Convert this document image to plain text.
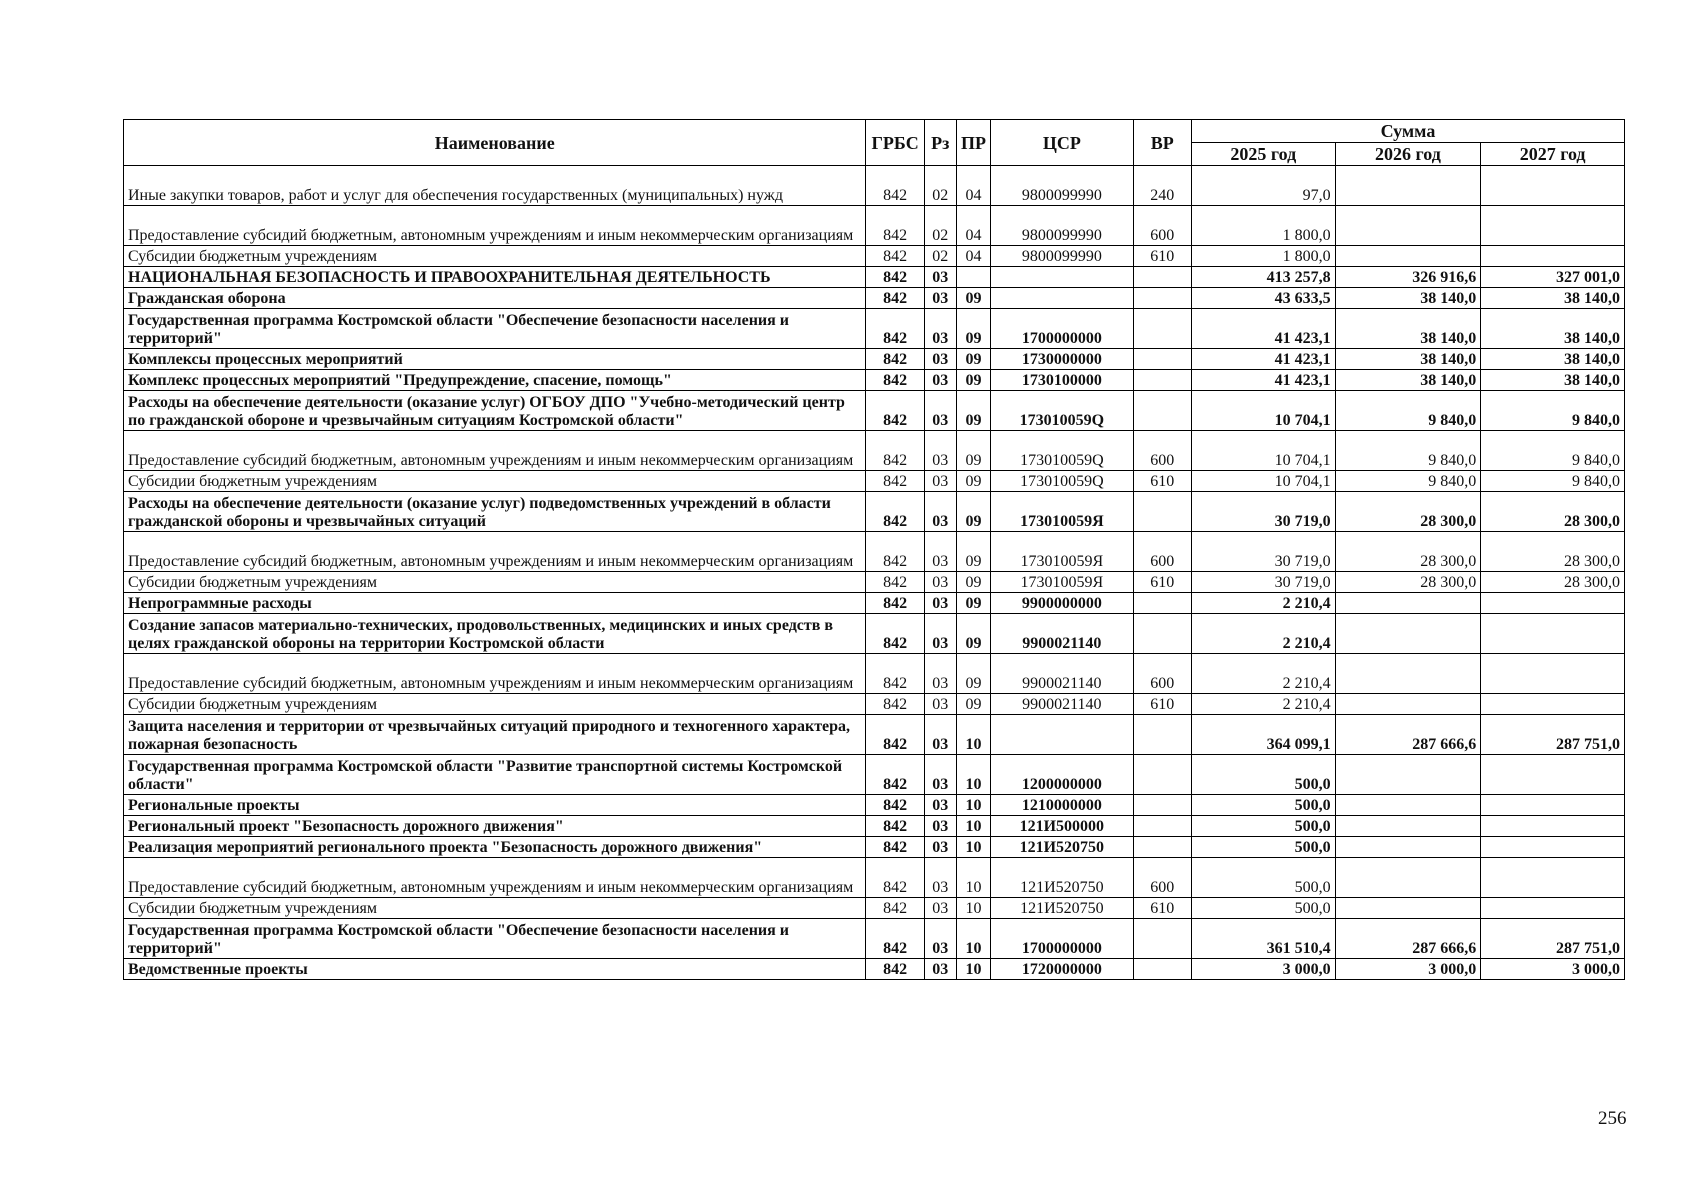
Наименование	ГРБС	Рз	ПР	ЦСР	ВР	Сумма		
						2025 год	2026 год	2027 год
Иные закупки товаров, работ и услуг для обеспечения государственных (муниципальных) нужд	842	02	04	9800099990	240	97,0		
Предоставление субсидий бюджетным, автономным учреждениям и иным некоммерческим организациям	842	02	04	9800099990	600	1 800,0		
Субсидии бюджетным учреждениям	842	02	04	9800099990	610	1 800,0		
НАЦИОНАЛЬНАЯ БЕЗОПАСНОСТЬ И ПРАВООХРАНИТЕЛЬНАЯ ДЕЯТЕЛЬНОСТЬ	842	03				413 257,8	326 916,6	327 001,0
Гражданская оборона	842	03	09			43 633,5	38 140,0	38 140,0
Государственная программа Костромской области "Обеспечение безопасности населения и территорий"	842	03	09	1700000000		41 423,1	38 140,0	38 140,0
Комплексы процессных мероприятий	842	03	09	1730000000		41 423,1	38 140,0	38 140,0
Комплекс процессных мероприятий "Предупреждение, спасение, помощь"	842	03	09	1730100000		41 423,1	38 140,0	38 140,0
Расходы на обеспечение деятельности (оказание услуг) ОГБОУ ДПО "Учебно-методический центр по гражданской обороне и чрезвычайным ситуациям Костромской области"	842	03	09	173010059Q		10 704,1	9 840,0	9 840,0
Предоставление субсидий бюджетным, автономным учреждениям и иным некоммерческим организациям	842	03	09	173010059Q	600	10 704,1	9 840,0	9 840,0
Субсидии бюджетным учреждениям	842	03	09	173010059Q	610	10 704,1	9 840,0	9 840,0
Расходы на обеспечение деятельности (оказание услуг) подведомственных учреждений в области гражданской обороны и чрезвычайных ситуаций	842	03	09	173010059Я		30 719,0	28 300,0	28 300,0
Предоставление субсидий бюджетным, автономным учреждениям и иным некоммерческим организациям	842	03	09	173010059Я	600	30 719,0	28 300,0	28 300,0
Субсидии бюджетным учреждениям	842	03	09	173010059Я	610	30 719,0	28 300,0	28 300,0
Непрограммные расходы	842	03	09	9900000000		2 210,4		
Создание запасов материально-технических, продовольственных, медицинских и иных средств в целях гражданской обороны на территории Костромской области	842	03	09	9900021140		2 210,4		
Предоставление субсидий бюджетным, автономным учреждениям и иным некоммерческим организациям	842	03	09	9900021140	600	2 210,4		
Субсидии бюджетным учреждениям	842	03	09	9900021140	610	2 210,4		
Защита населения и территории от чрезвычайных ситуаций природного и техногенного характера, пожарная безопасность	842	03	10			364 099,1	287 666,6	287 751,0
Государственная программа Костромской области "Развитие транспортной системы Костромской области"	842	03	10	1200000000		500,0		
Региональные проекты	842	03	10	1210000000		500,0		
Региональный проект "Безопасность дорожного движения"	842	03	10	121И500000		500,0		
Реализация мероприятий регионального проекта "Безопасность дорожного движения"	842	03	10	121И520750		500,0		
Предоставление субсидий бюджетным, автономным учреждениям и иным некоммерческим организациям	842	03	10	121И520750	600	500,0		
Субсидии бюджетным учреждениям	842	03	10	121И520750	610	500,0		
Государственная программа Костромской области "Обеспечение безопасности населения и территорий"	842	03	10	1700000000		361 510,4	287 666,6	287 751,0
Ведомственные проекты	842	03	10	1720000000		3 000,0	3 000,0	3 000,0
256
